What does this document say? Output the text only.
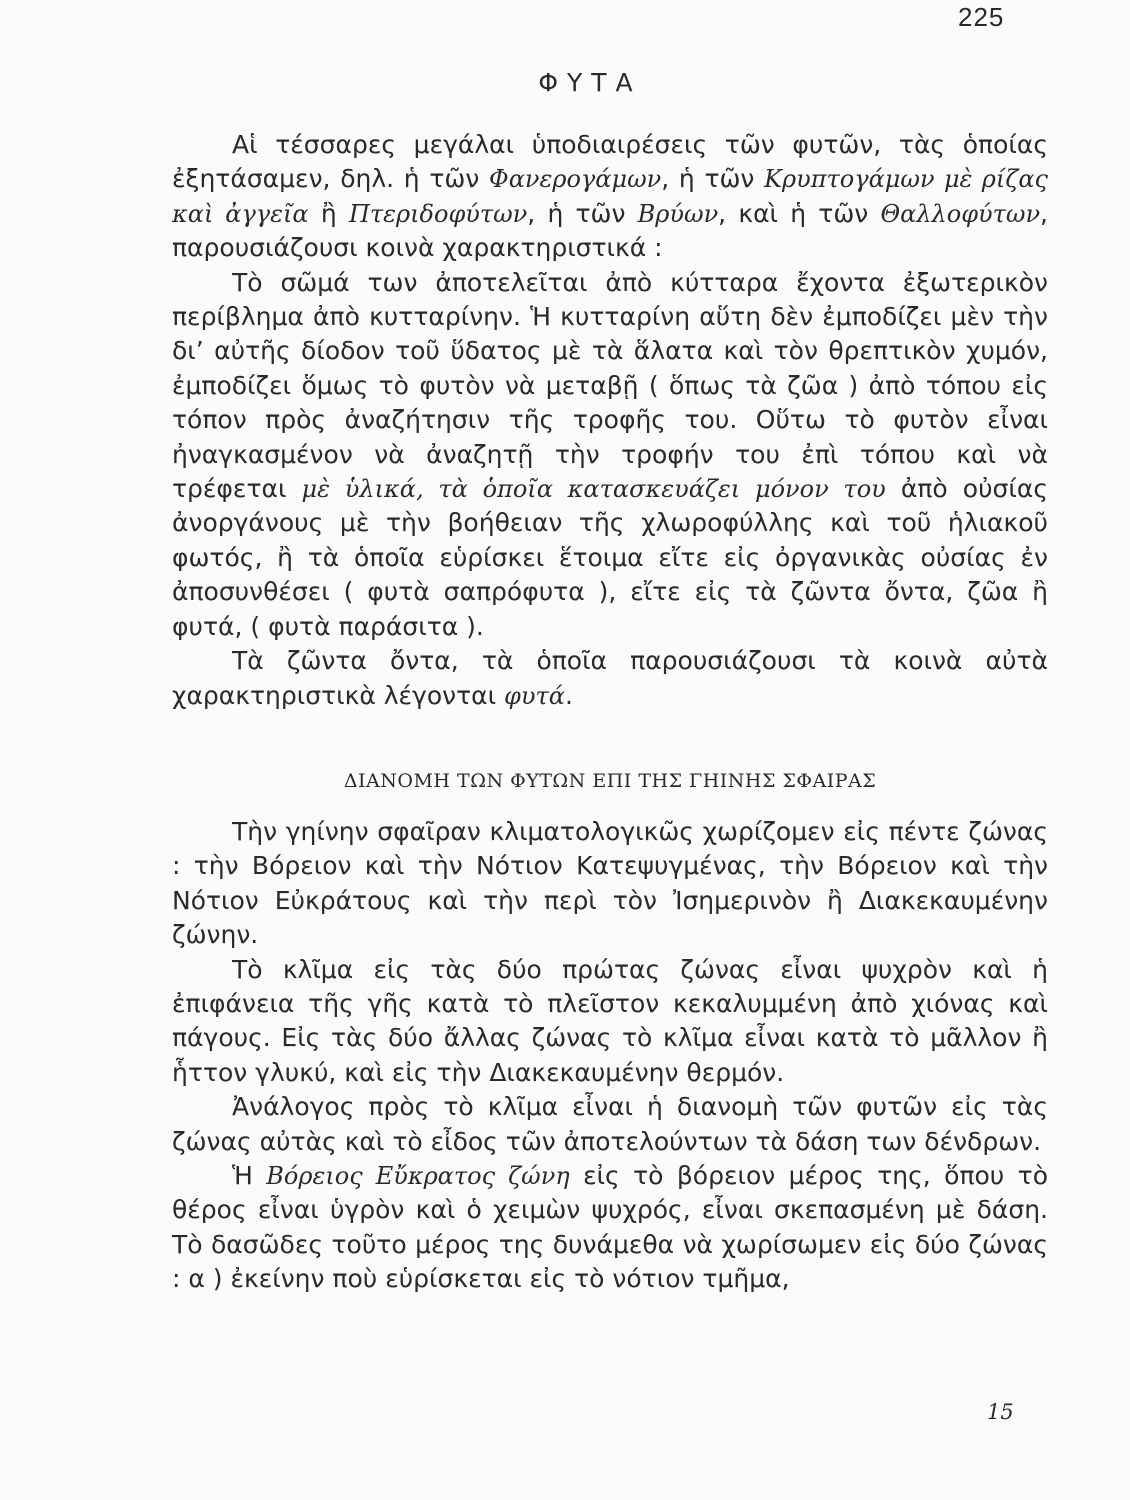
225
ΦΥΤΑ

Αἱ τέσσαρες μεγάλαι ὑποδιαιρέσεις τῶν φυτῶν, τὰς ὁποίας ἐξητάσαμεν, δηλ. ἡ τῶν Φανερογάμων, ἡ τῶν Κρυπτογάμων μὲ ρίζας καὶ ἀγγεῖα ἢ Πτεριδοφύτων, ἡ τῶν Βρύων, καὶ ἡ τῶν Θαλλοφύτων, παρουσιάζουσι κοινὰ χαρακτηριστικά :

Τὸ σῶμά των ἀποτελεῖται ἀπὸ κύτταρα ἔχοντα ἐξωτερικὸν περίβλημα ἀπὸ κυτταρίνην. Ἡ κυτταρίνη αὕτη δὲν ἐμποδίζει μὲν τὴν δι’ αὐτῆς δίοδον τοῦ ὕδατος μὲ τὰ ἅλατα καὶ τὸν θρεπτικὸν χυμόν, ἐμποδίζει ὅμως τὸ φυτὸν νὰ μεταβῇ ( ὅπως τὰ ζῶα ) ἀπὸ τόπου εἰς τόπον πρὸς ἀναζήτησιν τῆς τροφῆς του. Οὕτω τὸ φυτὸν εἶναι ἠναγκασμένον νὰ ἀναζητῇ τὴν τροφήν του ἐπὶ τόπου καὶ νὰ τρέφεται μὲ ὑλικά, τὰ ὁποῖα κατασκευάζει μόνον του ἀπὸ οὐσίας ἀνοργάνους μὲ τὴν βοήθειαν τῆς χλωροφύλλης καὶ τοῦ ἡλιακοῦ φωτός, ἢ τὰ ὁποῖα εὑρίσκει ἕτοιμα εἴτε εἰς ὀργανικὰς οὐσίας ἐν ἀποσυνθέσει ( φυτὰ σαπρόφυτα ), εἴτε εἰς τὰ ζῶντα ὄντα, ζῶα ἢ φυτά, ( φυτὰ παράσιτα ).

Τὰ ζῶντα ὄντα, τὰ ὁποῖα παρουσιάζουσι τὰ κοινὰ αὐτὰ χαρακτηριστικὰ λέγονται φυτά.

ΔΙΑΝΟΜΗ ΤΩΝ ΦΥΤΩΝ ΕΠΙ ΤΗΣ ΓΗΙΝΗΣ ΣΦΑΙΡΑΣ

Τὴν γηίνην σφαῖραν κλιματολογικῶς χωρίζομεν εἰς πέντε ζώνας : τὴν Βόρειον καὶ τὴν Νότιον Κατεψυγμένας, τὴν Βόρειον καὶ τὴν Νότιον Εὐκράτους καὶ τὴν περὶ τὸν Ἰσημερινὸν ἢ Διακεκαυμένην ζώνην.

Τὸ κλῖμα εἰς τὰς δύο πρώτας ζώνας εἶναι ψυχρὸν καὶ ἡ ἐπιφάνεια τῆς γῆς κατὰ τὸ πλεῖστον κεκαλυμμένη ἀπὸ χιόνας καὶ πάγους. Εἰς τὰς δύο ἄλλας ζώνας τὸ κλῖμα εἶναι κατὰ τὸ μᾶλλον ἢ ἧττον γλυκύ, καὶ εἰς τὴν Διακεκαυμένην θερμόν.

Ἀνάλογος πρὸς τὸ κλῖμα εἶναι ἡ διανομὴ τῶν φυτῶν εἰς τὰς ζώνας αὐτὰς καὶ τὸ εἶδος τῶν ἀποτελούντων τὰ δάση των δένδρων.

Ἡ Βόρειος Εὔκρατος ζώνη εἰς τὸ βόρειον μέρος της, ὅπου τὸ θέρος εἶναι ὑγρὸν καὶ ὁ χειμὼν ψυχρός, εἶναι σκεπασμένη μὲ δάση. Τὸ δασῶδες τοῦτο μέρος της δυνάμεθα νὰ χωρίσωμεν εἰς δύο ζώνας : α ) ἐκείνην ποὺ εὑρίσκεται εἰς τὸ νότιον τμῆμα,

15
